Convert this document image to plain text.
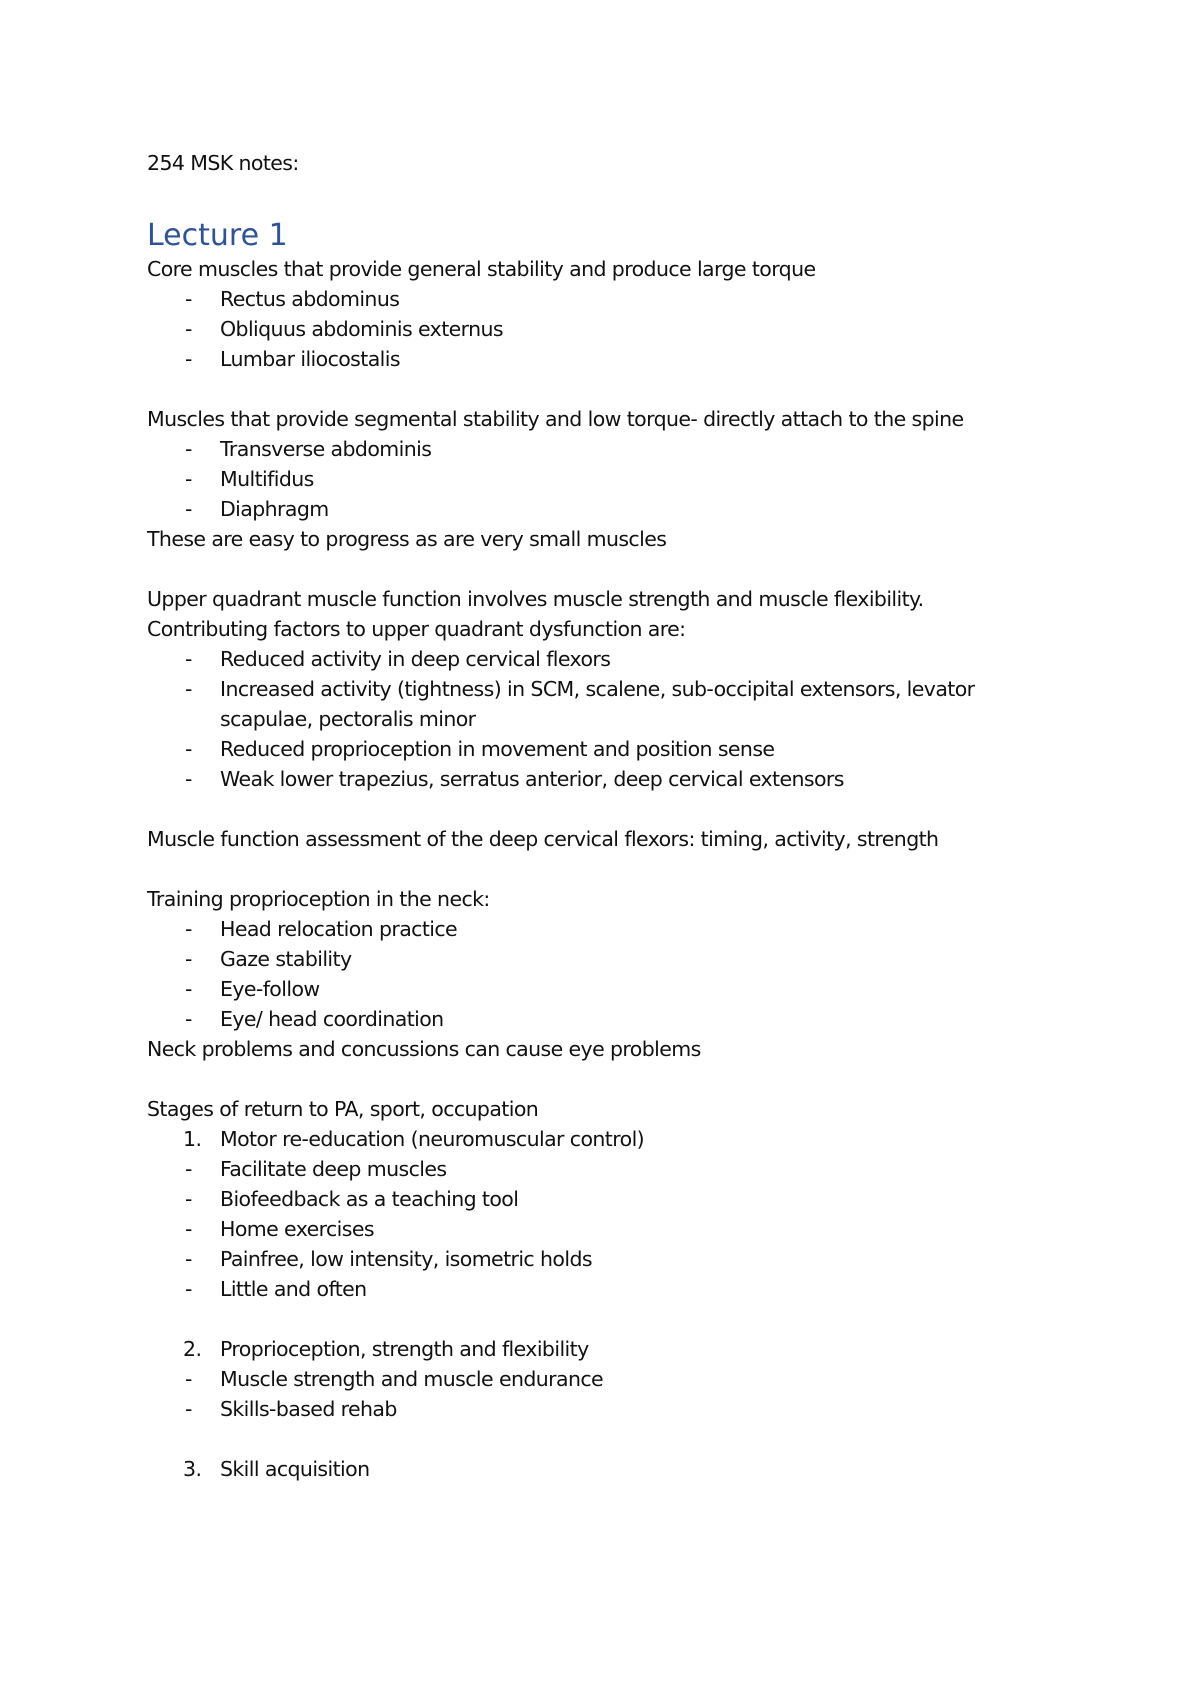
254 MSK notes:

Lecture 1

Core muscles that provide general stability and produce large torque

- Rectus abdominus
- Obliquus abdominis externus
- Lumbar iliocostalis

Muscles that provide segmental stability and low torque- directly attach to the spine

- Transverse abdominis
- Multifidus
- Diaphragm

These are easy to progress as are very small muscles

Upper quadrant muscle function involves muscle strength and muscle flexibility.

Contributing factors to upper quadrant dysfunction are:

- Reduced activity in deep cervical flexors
- Increased activity (tightness) in SCM, scalene, sub-occipital extensors, levator scapulae, pectoralis minor
- Reduced proprioception in movement and position sense
- Weak lower trapezius, serratus anterior, deep cervical extensors

Muscle function assessment of the deep cervical flexors: timing, activity, strength

Training proprioception in the neck:

- Head relocation practice
- Gaze stability
- Eye-follow
- Eye/ head coordination

Neck problems and concussions can cause eye problems

Stages of return to PA, sport, occupation

1. Motor re-education (neuromuscular control)
- Facilitate deep muscles
- Biofeedback as a teaching tool
- Home exercises
- Painfree, low intensity, isometric holds
- Little and often
2. Proprioception, strength and flexibility
- Muscle strength and muscle endurance
- Skills-based rehab
3. Skill acquisition
